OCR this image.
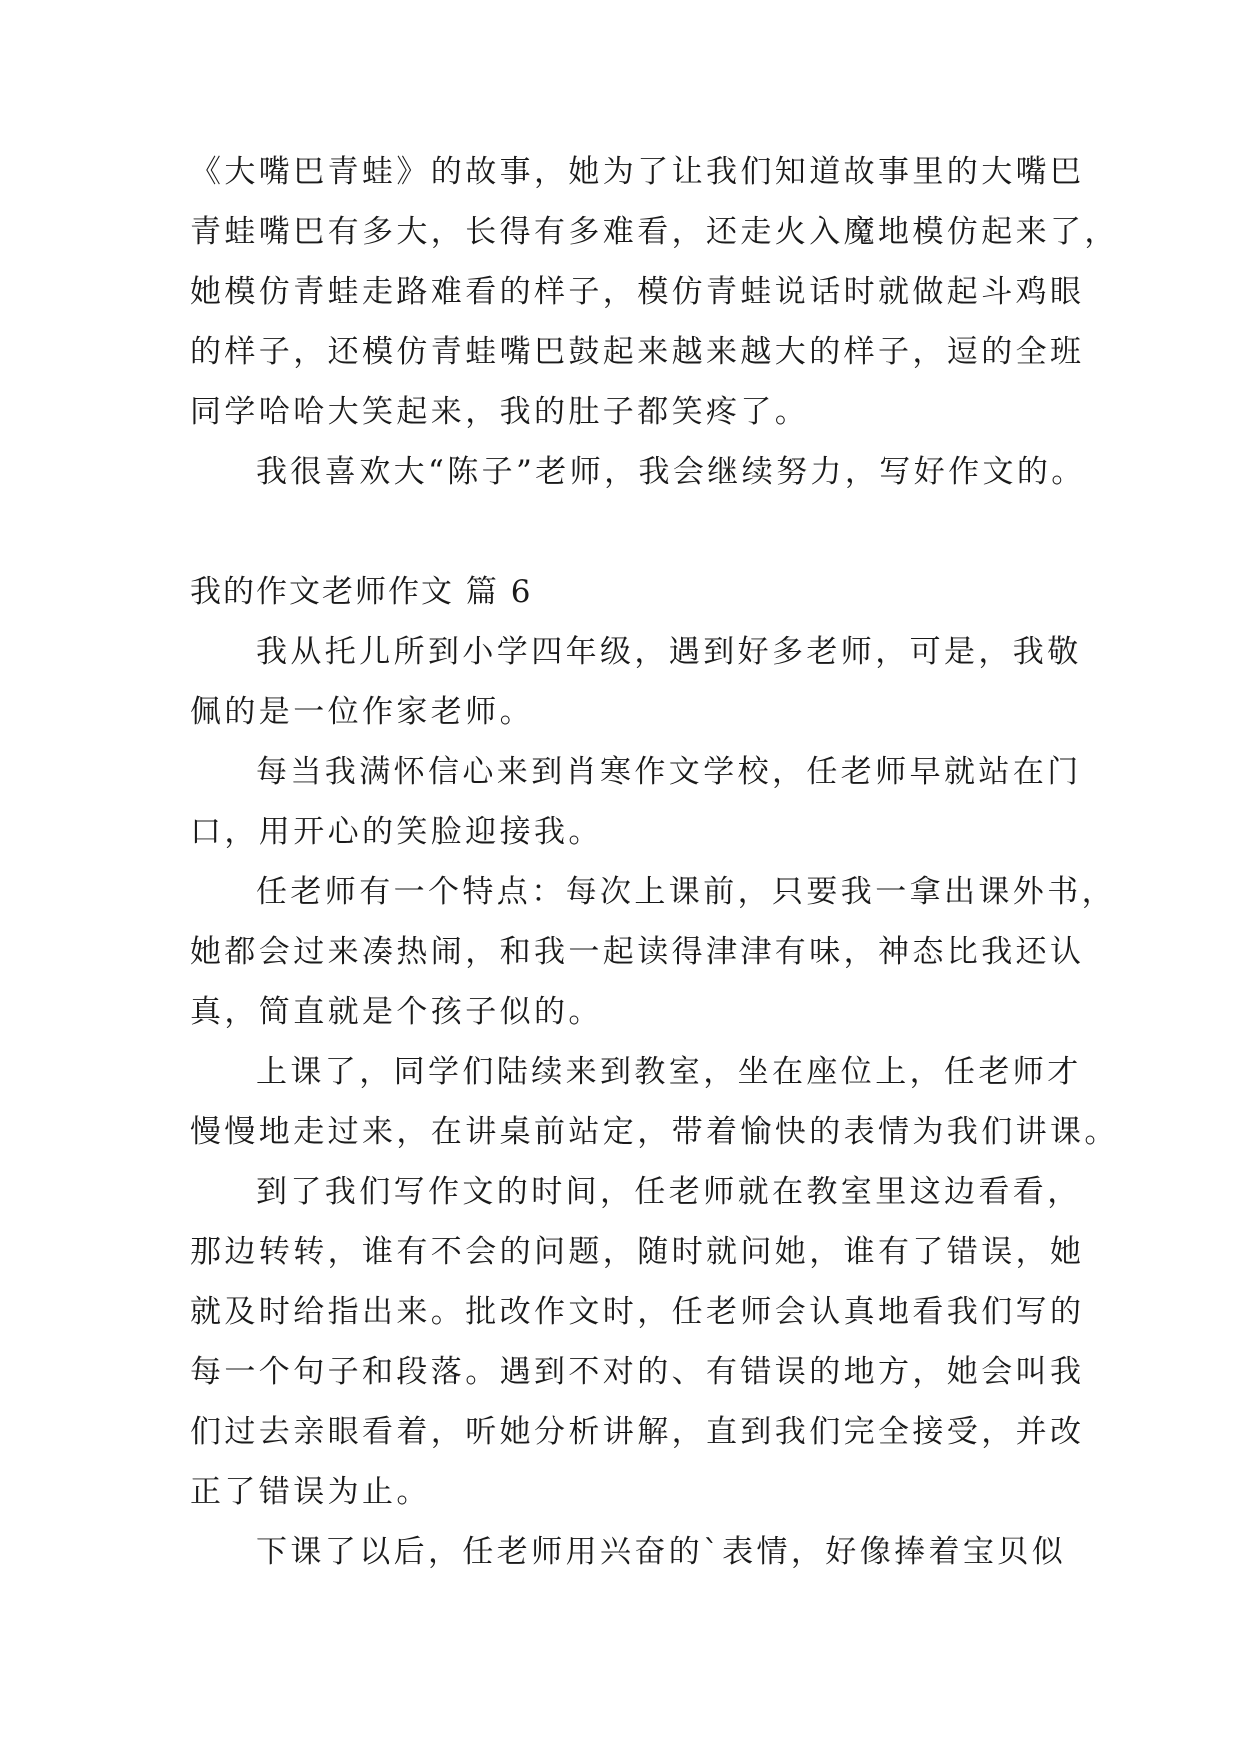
《大嘴巴青蛙》的故事，她为了让我们知道故事里的大嘴巴
青蛙嘴巴有多大，长得有多难看，还走火入魔地模仿起来了，
她模仿青蛙走路难看的样子，模仿青蛙说话时就做起斗鸡眼
的样子，还模仿青蛙嘴巴鼓起来越来越大的样子，逗的全班
同学哈哈大笑起来，我的肚子都笑疼了。

我很喜欢大“陈子”老师，我会继续努力，写好作文的。

我的作文老师作文 篇 6

我从托儿所到小学四年级，遇到好多老师，可是，我敬
佩的是一位作家老师。

每当我满怀信心来到肖寒作文学校，任老师早就站在门
口，用开心的笑脸迎接我。

任老师有一个特点：每次上课前，只要我一拿出课外书，
她都会过来凑热闹，和我一起读得津津有味，神态比我还认
真，简直就是个孩子似的。

上课了，同学们陆续来到教室，坐在座位上，任老师才
慢慢地走过来，在讲桌前站定，带着愉快的表情为我们讲课。

到了我们写作文的时间，任老师就在教室里这边看看，
那边转转，谁有不会的问题，随时就问她，谁有了错误，她
就及时给指出来。批改作文时，任老师会认真地看我们写的
每一个句子和段落。遇到不对的、有错误的地方，她会叫我
们过去亲眼看着，听她分析讲解，直到我们完全接受，并改
正了错误为止。

下课了以后，任老师用兴奋的`表情，好像捧着宝贝似
